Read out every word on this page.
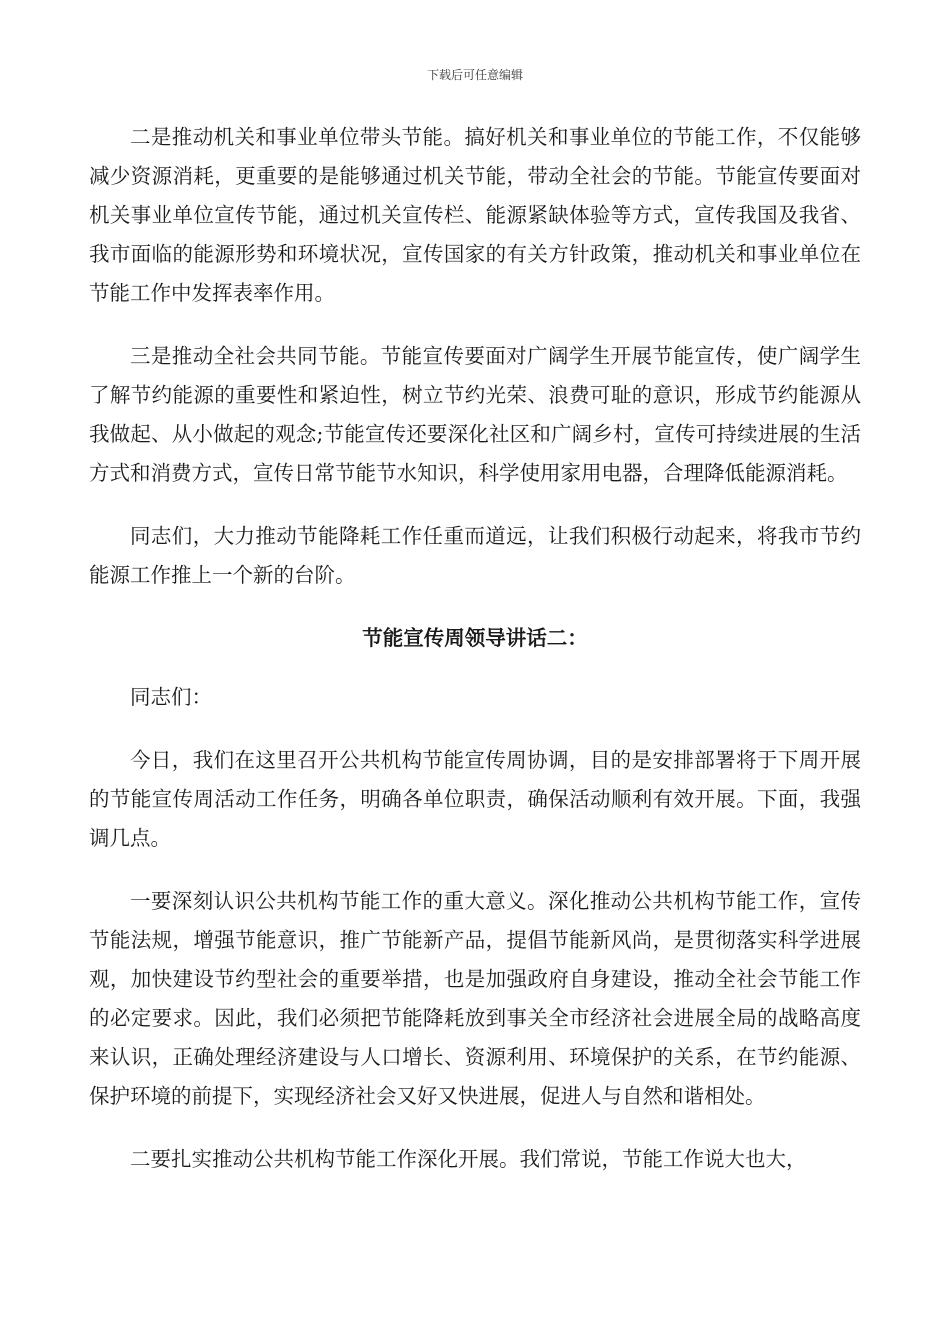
下载后可任意编辑

二是推动机关和事业单位带头节能。搞好机关和事业单位的节能工作，不仅能够减少资源消耗，更重要的是能够通过机关节能，带动全社会的节能。节能宣传要面对机关事业单位宣传节能，通过机关宣传栏、能源紧缺体验等方式，宣传我国及我省、我市面临的能源形势和环境状况，宣传国家的有关方针政策，推动机关和事业单位在节能工作中发挥表率作用。

三是推动全社会共同节能。节能宣传要面对广阔学生开展节能宣传，使广阔学生了解节约能源的重要性和紧迫性，树立节约光荣、浪费可耻的意识，形成节约能源从我做起、从小做起的观念;节能宣传还要深化社区和广阔乡村，宣传可持续进展的生活方式和消费方式，宣传日常节能节水知识，科学使用家用电器，合理降低能源消耗。

同志们，大力推动节能降耗工作任重而道远，让我们积极行动起来，将我市节约能源工作推上一个新的台阶。

节能宣传周领导讲话二：

同志们：

今日，我们在这里召开公共机构节能宣传周协调，目的是安排部署将于下周开展的节能宣传周活动工作任务，明确各单位职责，确保活动顺利有效开展。下面，我强调几点。

一要深刻认识公共机构节能工作的重大意义。深化推动公共机构节能工作，宣传节能法规，增强节能意识，推广节能新产品，提倡节能新风尚，是贯彻落实科学进展观，加快建设节约型社会的重要举措，也是加强政府自身建设，推动全社会节能工作的必定要求。因此，我们必须把节能降耗放到事关全市经济社会进展全局的战略高度来认识，正确处理经济建设与人口增长、资源利用、环境保护的关系，在节约能源、保护环境的前提下，实现经济社会又好又快进展，促进人与自然和谐相处。

二要扎实推动公共机构节能工作深化开展。我们常说，节能工作说大也大，
